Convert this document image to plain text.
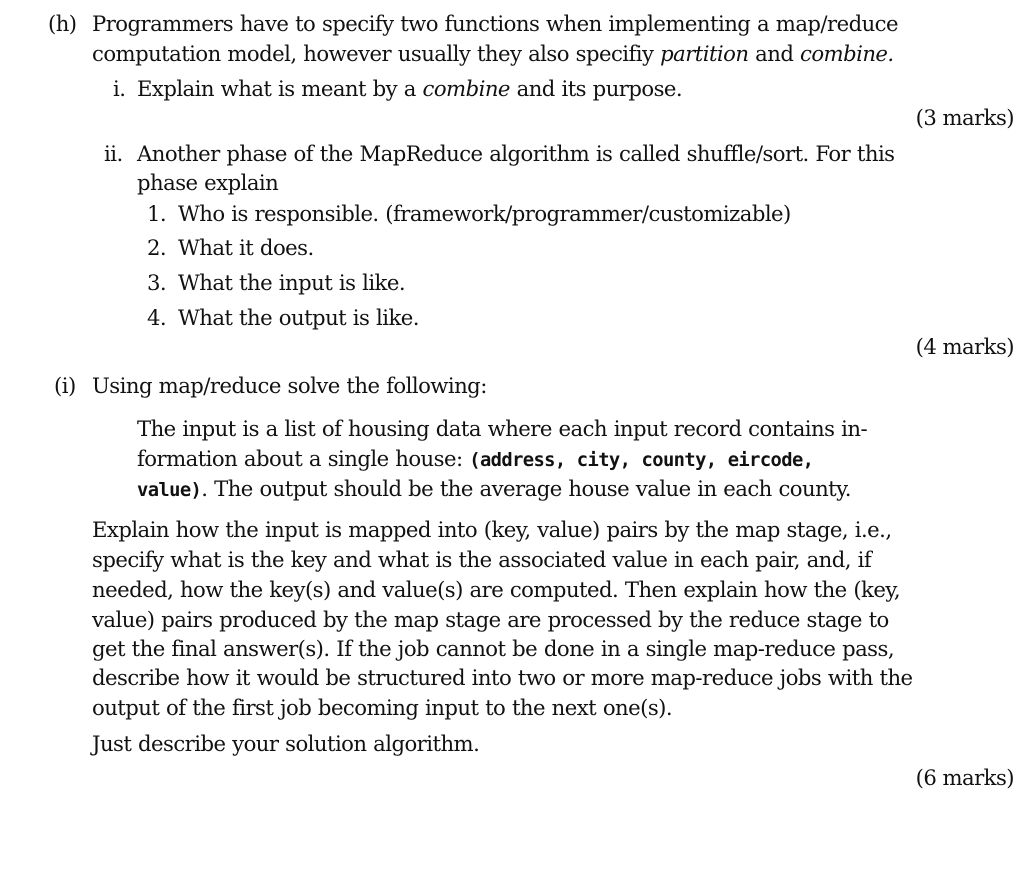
(h) Programmers have to specify two functions when implementing a map/reduce
computation model, however usually they also specifiy partition and combine.
i. Explain what is meant by a combine and its purpose.
(3 marks)
ii. Another phase of the MapReduce algorithm is called shuffle/sort. For this
phase explain
1. Who is responsible. (framework/programmer/customizable)
2. What it does.
3. What the input is like.
4. What the output is like.
(4 marks)
(i) Using map/reduce solve the following:
The input is a list of housing data where each input record contains in-
formation about a single house: (address, city, county, eircode,
value). The output should be the average house value in each county.
Explain how the input is mapped into (key, value) pairs by the map stage, i.e.,
specify what is the key and what is the associated value in each pair, and, if
needed, how the key(s) and value(s) are computed. Then explain how the (key,
value) pairs produced by the map stage are processed by the reduce stage to
get the final answer(s). If the job cannot be done in a single map-reduce pass,
describe how it would be structured into two or more map-reduce jobs with the
output of the first job becoming input to the next one(s).
Just describe your solution algorithm.
(6 marks)
